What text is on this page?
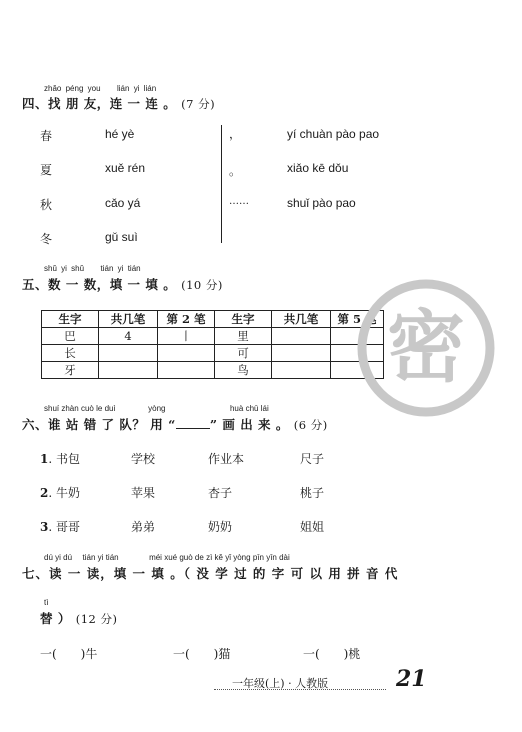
zhǎo péng you lián yi lián
四、找 朋 友，连 一 连 。 (7 分)
春
夏
秋
冬
hé yè
xuě rén
cǎo yá
gǔ suì
，
。
……
yí chuàn pào pao
xiǎo kē dǒu
shuǐ pào pao
shǔ yi shǔ tián yi tián
五、数 一 数，填 一 填 。 (10 分)
生字	共几笔	第 2 笔	生字	共几笔	第 5 笔
巴	4	丨	里		
长			可		
牙			鸟		密
shuí zhàn cuò le duì	yòng	huà chū lái
六、谁 站 错 了 队？ 用 “	” 画 出 来 。 (6 分)
1. 书包	学校	作业本	尺子
2. 牛奶	苹果	杏子	桃子
3. 哥哥	弟弟	奶奶	姐姐
dú yi dú tián yi tián	méi xué guò de zì kě yǐ yòng pīn yīn dài
七、读 一 读，填 一 填 。（ 没 学 过 的 字 可 以 用 拼 音 代
tì
替 ） (12 分)
一(　　)牛	一(　　)猫	一(　　)桃
一年级(上) · 人教版	21
